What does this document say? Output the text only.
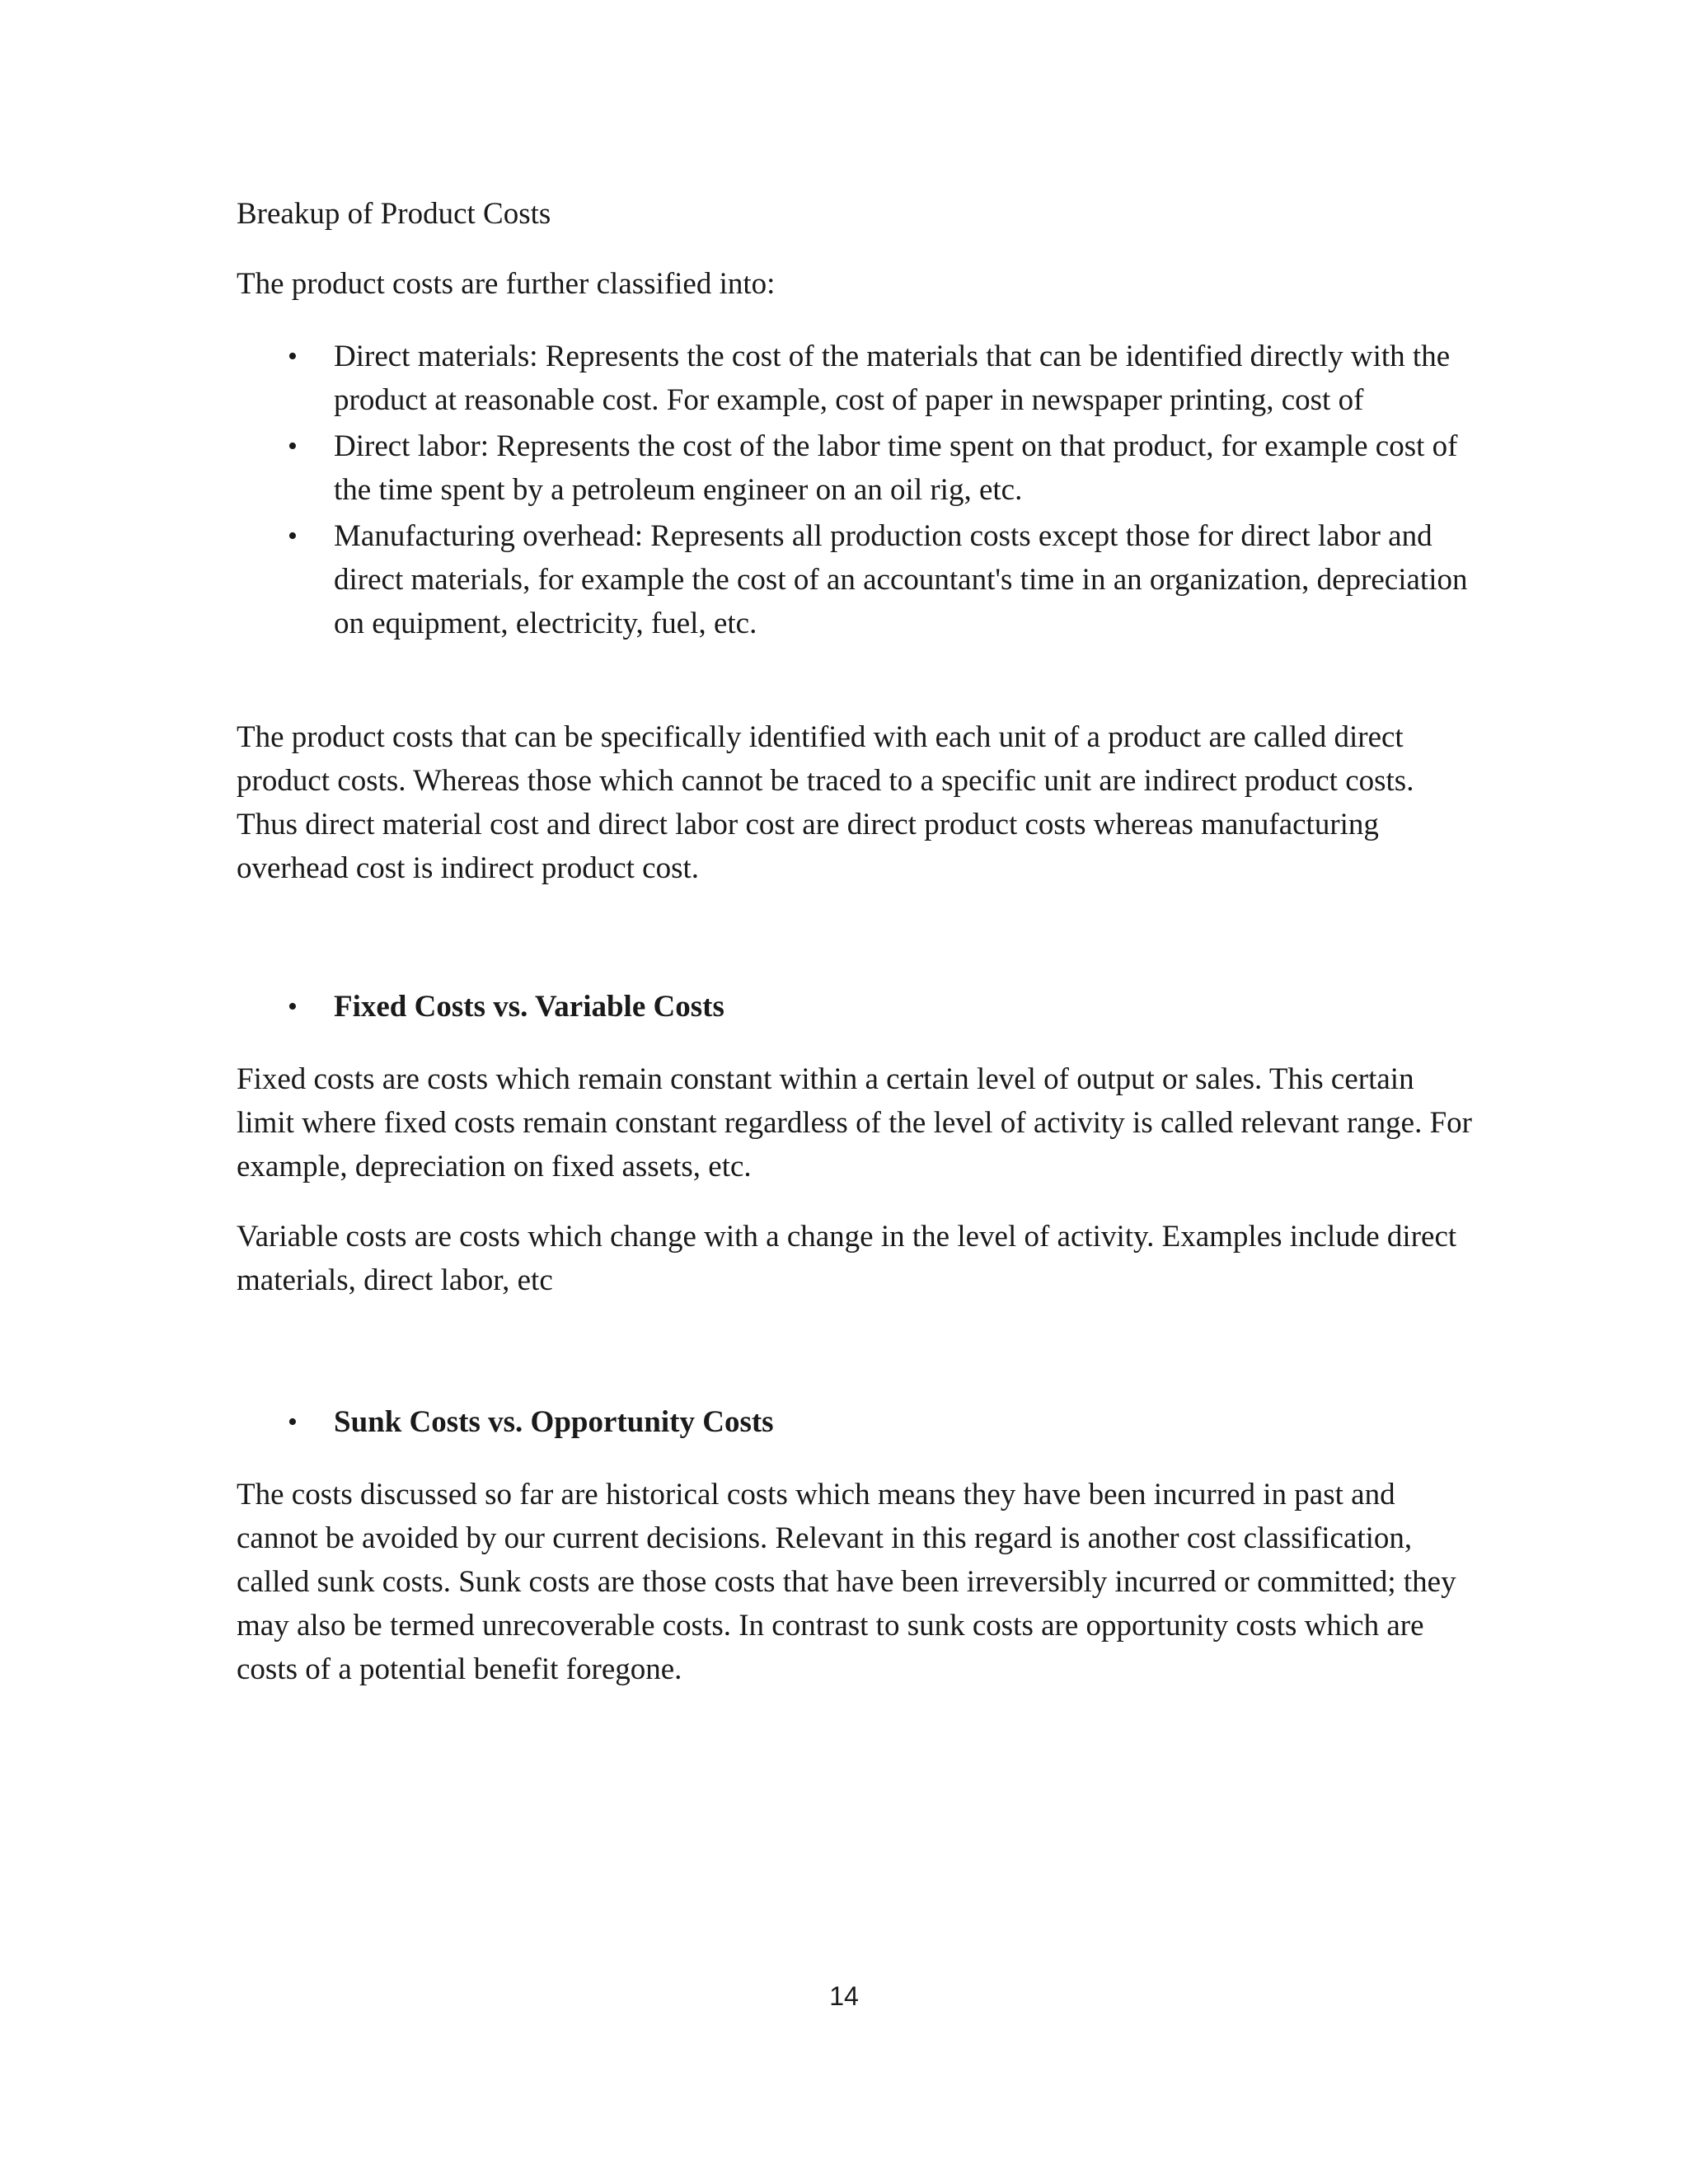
Breakup of Product Costs

The product costs are further classified into:

• Direct materials: Represents the cost of the materials that can be identified directly with the product at reasonable cost. For example, cost of paper in newspaper printing, cost of
• Direct labor: Represents the cost of the labor time spent on that product, for example cost of the time spent by a petroleum engineer on an oil rig, etc.
• Manufacturing overhead: Represents all production costs except those for direct labor and direct materials, for example the cost of an accountant's time in an organization, depreciation on equipment, electricity, fuel, etc.

The product costs that can be specifically identified with each unit of a product are called direct product costs. Whereas those which cannot be traced to a specific unit are indirect product costs. Thus direct material cost and direct labor cost are direct product costs whereas manufacturing overhead cost is indirect product cost.

• Fixed Costs vs. Variable Costs

Fixed costs are costs which remain constant within a certain level of output or sales. This certain limit where fixed costs remain constant regardless of the level of activity is called relevant range. For example, depreciation on fixed assets, etc.

Variable costs are costs which change with a change in the level of activity. Examples include direct materials, direct labor, etc

• Sunk Costs vs. Opportunity Costs

The costs discussed so far are historical costs which means they have been incurred in past and cannot be avoided by our current decisions. Relevant in this regard is another cost classification, called sunk costs. Sunk costs are those costs that have been irreversibly incurred or committed; they may also be termed unrecoverable costs. In contrast to sunk costs are opportunity costs which are costs of a potential benefit foregone.

14
